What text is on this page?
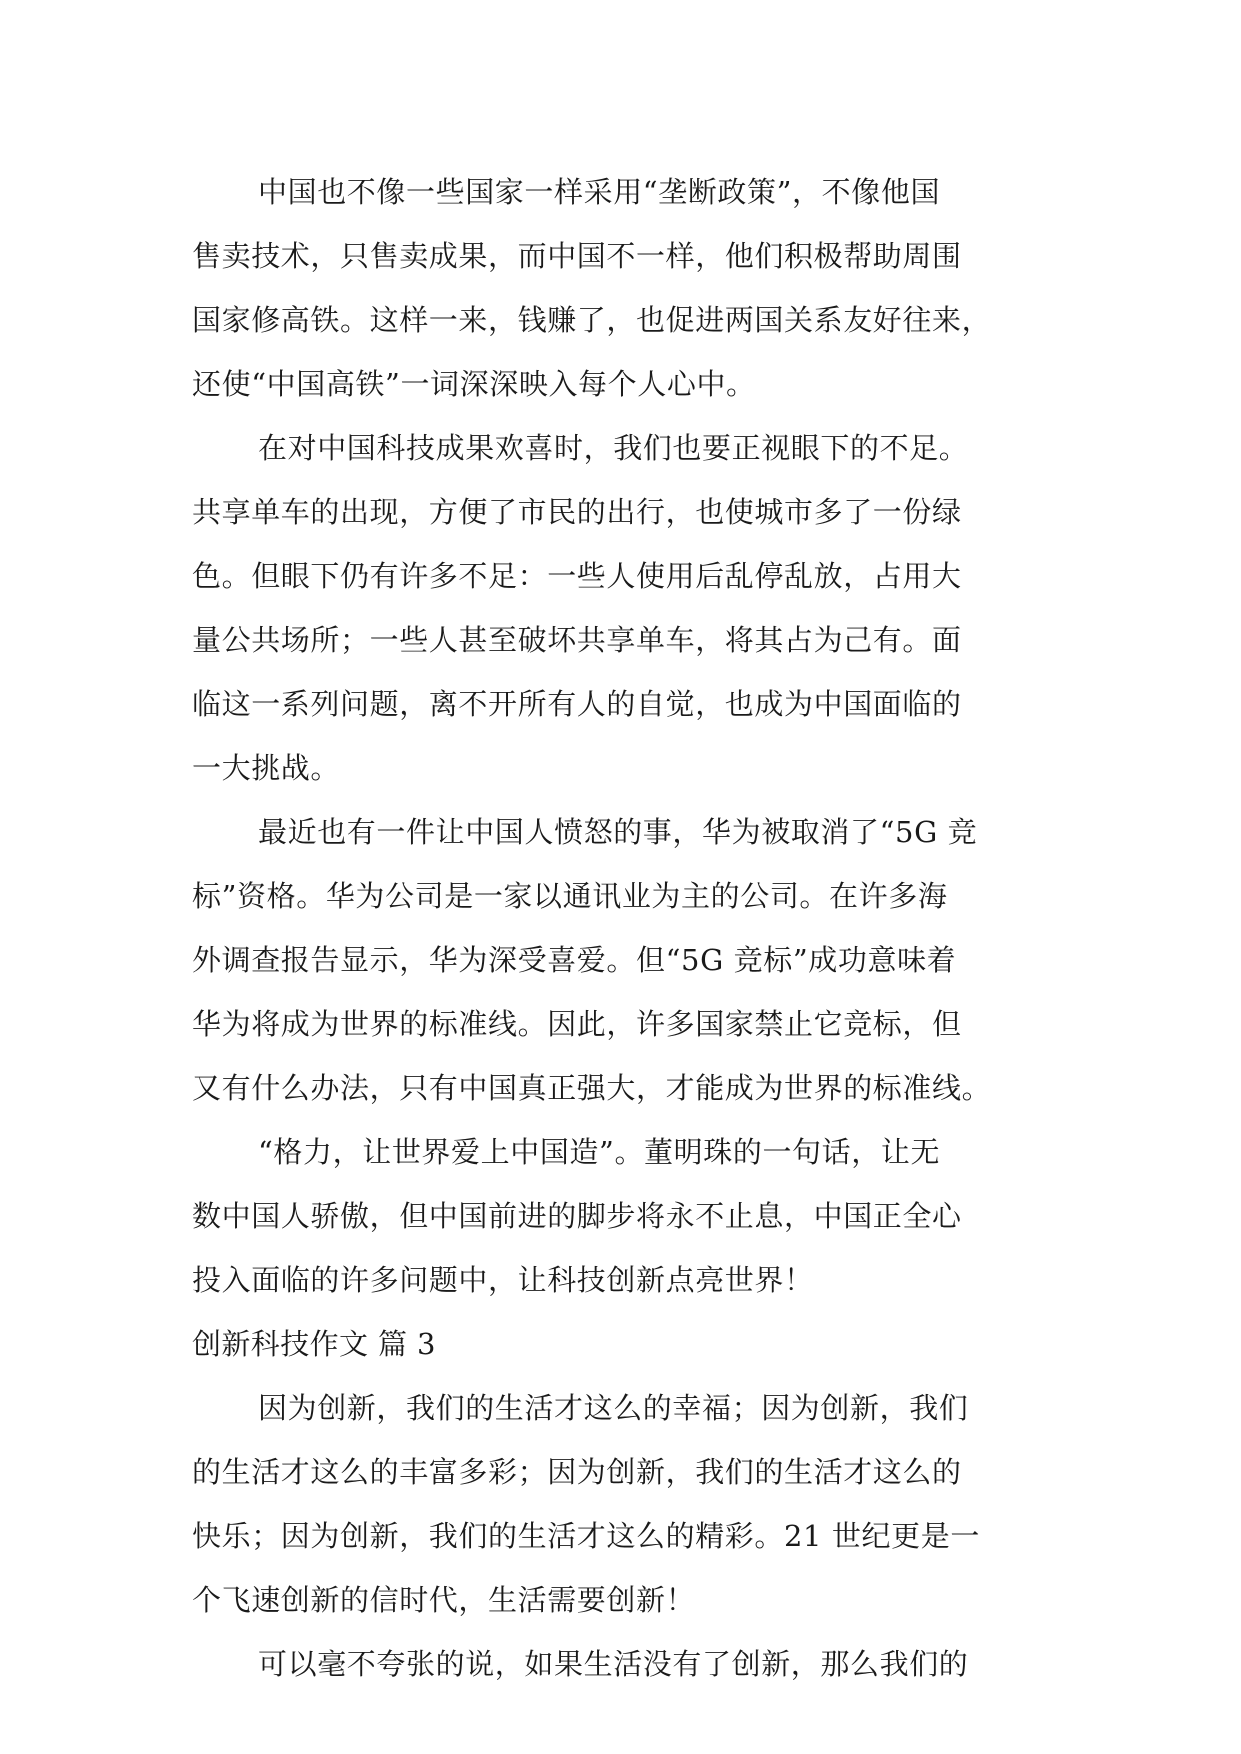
中国也不像一些国家一样采用“垄断政策”，不像他国
售卖技术，只售卖成果，而中国不一样，他们积极帮助周围
国家修高铁。这样一来，钱赚了，也促进两国关系友好往来，
还使“中国高铁”一词深深映入每个人心中。
在对中国科技成果欢喜时，我们也要正视眼下的不足。
共享单车的出现，方便了市民的出行，也使城市多了一份绿
色。但眼下仍有许多不足：一些人使用后乱停乱放，占用大
量公共场所；一些人甚至破坏共享单车，将其占为己有。面
临这一系列问题，离不开所有人的自觉，也成为中国面临的
一大挑战。
最近也有一件让中国人愤怒的事，华为被取消了“5G 竞
标”资格。华为公司是一家以通讯业为主的公司。在许多海
外调查报告显示，华为深受喜爱。但“5G 竞标”成功意味着
华为将成为世界的标准线。因此，许多国家禁止它竞标，但
又有什么办法，只有中国真正强大，才能成为世界的标准线。
“格力，让世界爱上中国造”。董明珠的一句话，让无
数中国人骄傲，但中国前进的脚步将永不止息，中国正全心
投入面临的许多问题中，让科技创新点亮世界！
创新科技作文 篇 3
因为创新，我们的生活才这么的幸福；因为创新，我们
的生活才这么的丰富多彩；因为创新，我们的生活才这么的
快乐；因为创新，我们的生活才这么的精彩。21 世纪更是一
个飞速创新的信时代，生活需要创新！
可以毫不夸张的说，如果生活没有了创新，那么我们的
